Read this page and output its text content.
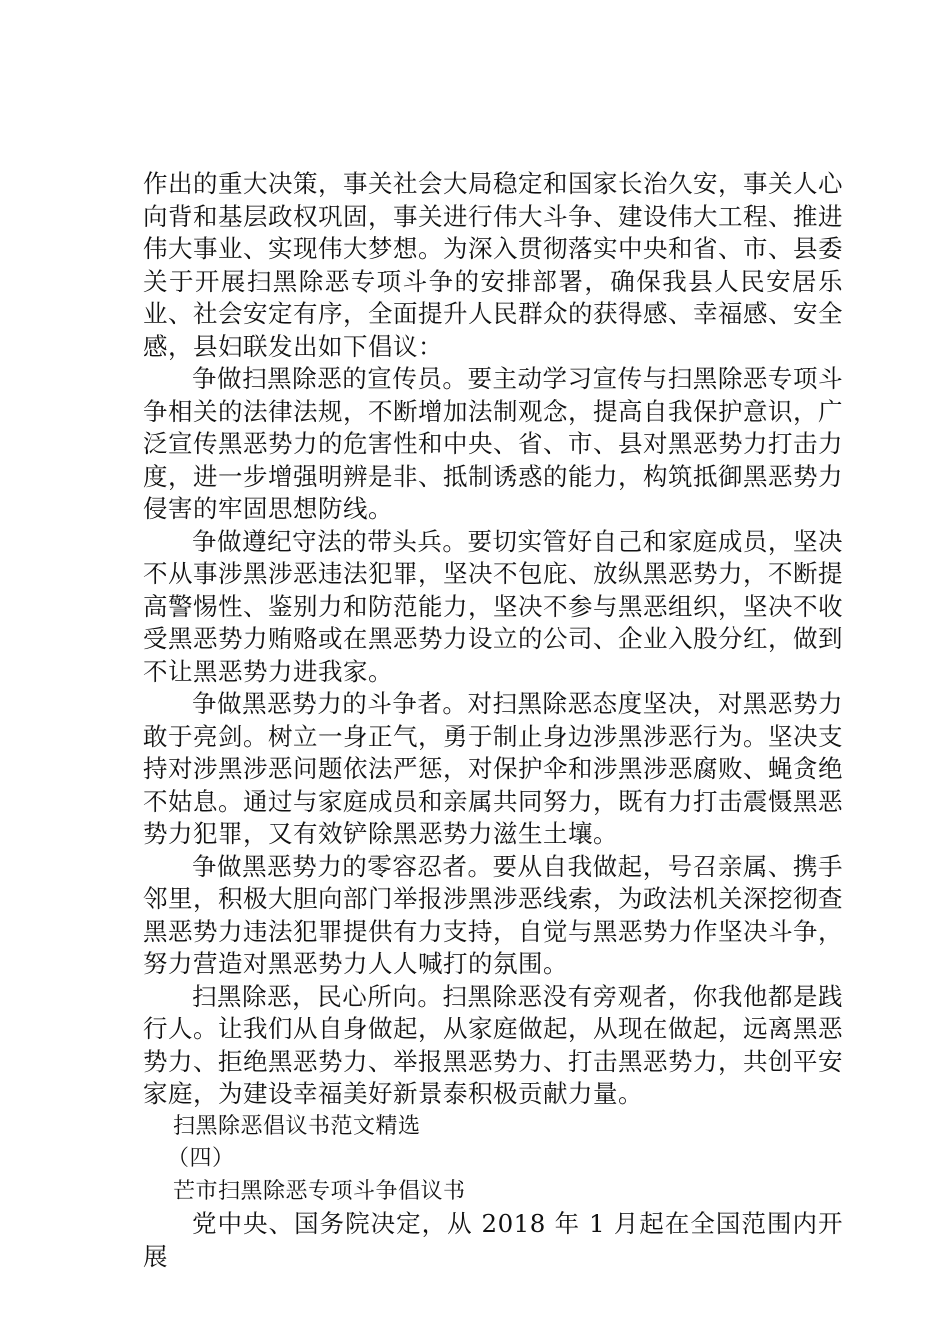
作出的重大决策，事关社会大局稳定和国家长治久安，事关人心向背和基层政权巩固，事关进行伟大斗争、建设伟大工程、推进伟大事业、实现伟大梦想。为深入贯彻落实中央和省、市、县委关于开展扫黑除恶专项斗争的安排部署，确保我县人民安居乐业、社会安定有序，全面提升人民群众的获得感、幸福感、安全感，县妇联发出如下倡议：

争做扫黑除恶的宣传员。要主动学习宣传与扫黑除恶专项斗争相关的法律法规，不断增加法制观念，提高自我保护意识，广泛宣传黑恶势力的危害性和中央、省、市、县对黑恶势力打击力度，进一步增强明辨是非、抵制诱惑的能力，构筑抵御黑恶势力侵害的牢固思想防线。

争做遵纪守法的带头兵。要切实管好自己和家庭成员，坚决不从事涉黑涉恶违法犯罪，坚决不包庇、放纵黑恶势力，不断提高警惕性、鉴别力和防范能力，坚决不参与黑恶组织，坚决不收受黑恶势力贿赂或在黑恶势力设立的公司、企业入股分红，做到不让黑恶势力进我家。

争做黑恶势力的斗争者。对扫黑除恶态度坚决，对黑恶势力敢于亮剑。树立一身正气，勇于制止身边涉黑涉恶行为。坚决支持对涉黑涉恶问题依法严惩，对保护伞和涉黑涉恶腐败、蝇贪绝不姑息。通过与家庭成员和亲属共同努力，既有力打击震慑黑恶势力犯罪，又有效铲除黑恶势力滋生土壤。

争做黑恶势力的零容忍者。要从自我做起，号召亲属、携手邻里，积极大胆向部门举报涉黑涉恶线索，为政法机关深挖彻查黑恶势力违法犯罪提供有力支持，自觉与黑恶势力作坚决斗争，努力营造对黑恶势力人人喊打的氛围。

扫黑除恶，民心所向。扫黑除恶没有旁观者，你我他都是践行人。让我们从自身做起，从家庭做起，从现在做起，远离黑恶势力、拒绝黑恶势力、举报黑恶势力、打击黑恶势力，共创平安家庭，为建设幸福美好新景泰积极贡献力量。

扫黑除恶倡议书范文精选

（四）

芒市扫黑除恶专项斗争倡议书

党中央、国务院决定，从 2018 年 1 月起在全国范围内开展
